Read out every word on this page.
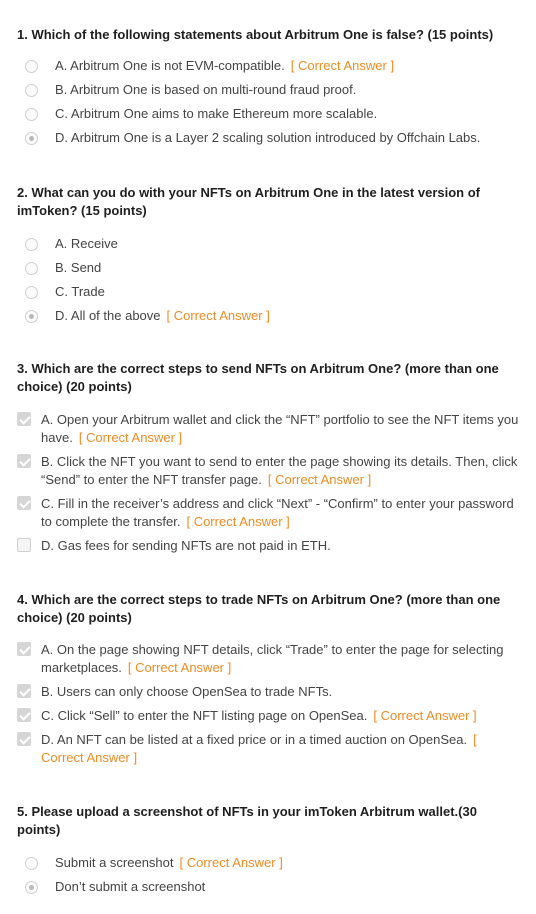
1. Which of the following statements about Arbitrum One is false? (15 points)

A. Arbitrum One is not EVM-compatible. [ Correct Answer ]
B. Arbitrum One is based on multi-round fraud proof.
C. Arbitrum One aims to make Ethereum more scalable.
D. Arbitrum One is a Layer 2 scaling solution introduced by Offchain Labs.

2. What can you do with your NFTs on Arbitrum One in the latest version of imToken? (15 points)

A. Receive
B. Send
C. Trade
D. All of the above [ Correct Answer ]

3. Which are the correct steps to send NFTs on Arbitrum One? (more than one choice) (20 points)

A. Open your Arbitrum wallet and click the “NFT” portfolio to see the NFT items you have. [ Correct Answer ]
B. Click the NFT you want to send to enter the page showing its details. Then, click “Send” to enter the NFT transfer page. [ Correct Answer ]
C. Fill in the receiver’s address and click “Next” - “Confirm” to enter your password to complete the transfer. [ Correct Answer ]
D. Gas fees for sending NFTs are not paid in ETH.

4. Which are the correct steps to trade NFTs on Arbitrum One? (more than one choice) (20 points)

A. On the page showing NFT details, click “Trade” to enter the page for selecting marketplaces. [ Correct Answer ]
B. Users can only choose OpenSea to trade NFTs.
C. Click “Sell” to enter the NFT listing page on OpenSea. [ Correct Answer ]
D. An NFT can be listed at a fixed price or in a timed auction on OpenSea. [ Correct Answer ]

5. Please upload a screenshot of NFTs in your imToken Arbitrum wallet.(30 points)

Submit a screenshot [ Correct Answer ]
Don’t submit a screenshot
